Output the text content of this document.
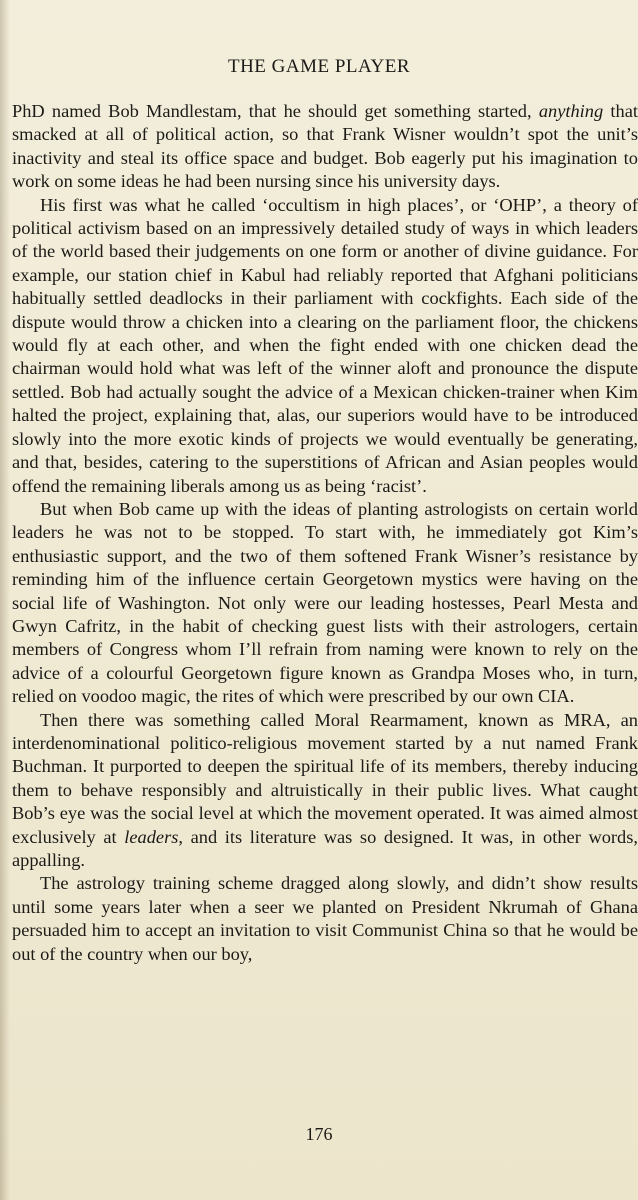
THE GAME PLAYER

PhD named Bob Mandlestam, that he should get something started, anything that smacked at all of political action, so that Frank Wisner wouldn’t spot the unit’s inactivity and steal its office space and budget. Bob eagerly put his imagination to work on some ideas he had been nursing since his university days.

His first was what he called ‘occultism in high places’, or ‘OHP’, a theory of political activism based on an impressively detailed study of ways in which leaders of the world based their judgements on one form or another of divine guidance. For example, our station chief in Kabul had reliably reported that Afghani politicians habitually settled deadlocks in their parliament with cockfights. Each side of the dispute would throw a chicken into a clearing on the parliament floor, the chickens would fly at each other, and when the fight ended with one chicken dead the chairman would hold what was left of the winner aloft and pronounce the dispute settled. Bob had actually sought the advice of a Mexican chicken-trainer when Kim halted the project, explaining that, alas, our superiors would have to be introduced slowly into the more exotic kinds of projects we would eventually be generating, and that, besides, catering to the superstitions of African and Asian peoples would offend the remaining liberals among us as being ‘racist’.

But when Bob came up with the ideas of planting astrologists on certain world leaders he was not to be stopped. To start with, he immediately got Kim’s enthusiastic support, and the two of them softened Frank Wisner’s resistance by reminding him of the influence certain Georgetown mystics were having on the social life of Washington. Not only were our leading hostesses, Pearl Mesta and Gwyn Cafritz, in the habit of checking guest lists with their astrologers, certain members of Congress whom I’ll refrain from naming were known to rely on the advice of a colourful Georgetown figure known as Grandpa Moses who, in turn, relied on voodoo magic, the rites of which were prescribed by our own CIA.

Then there was something called Moral Rearmament, known as MRA, an interdenominational politico-religious movement started by a nut named Frank Buchman. It purported to deepen the spiritual life of its members, thereby inducing them to behave responsibly and altruistically in their public lives. What caught Bob’s eye was the social level at which the movement operated. It was aimed almost exclusively at leaders, and its literature was so designed. It was, in other words, appalling.

The astrology training scheme dragged along slowly, and didn’t show results until some years later when a seer we planted on President Nkrumah of Ghana persuaded him to accept an invitation to visit Communist China so that he would be out of the country when our boy,

176
